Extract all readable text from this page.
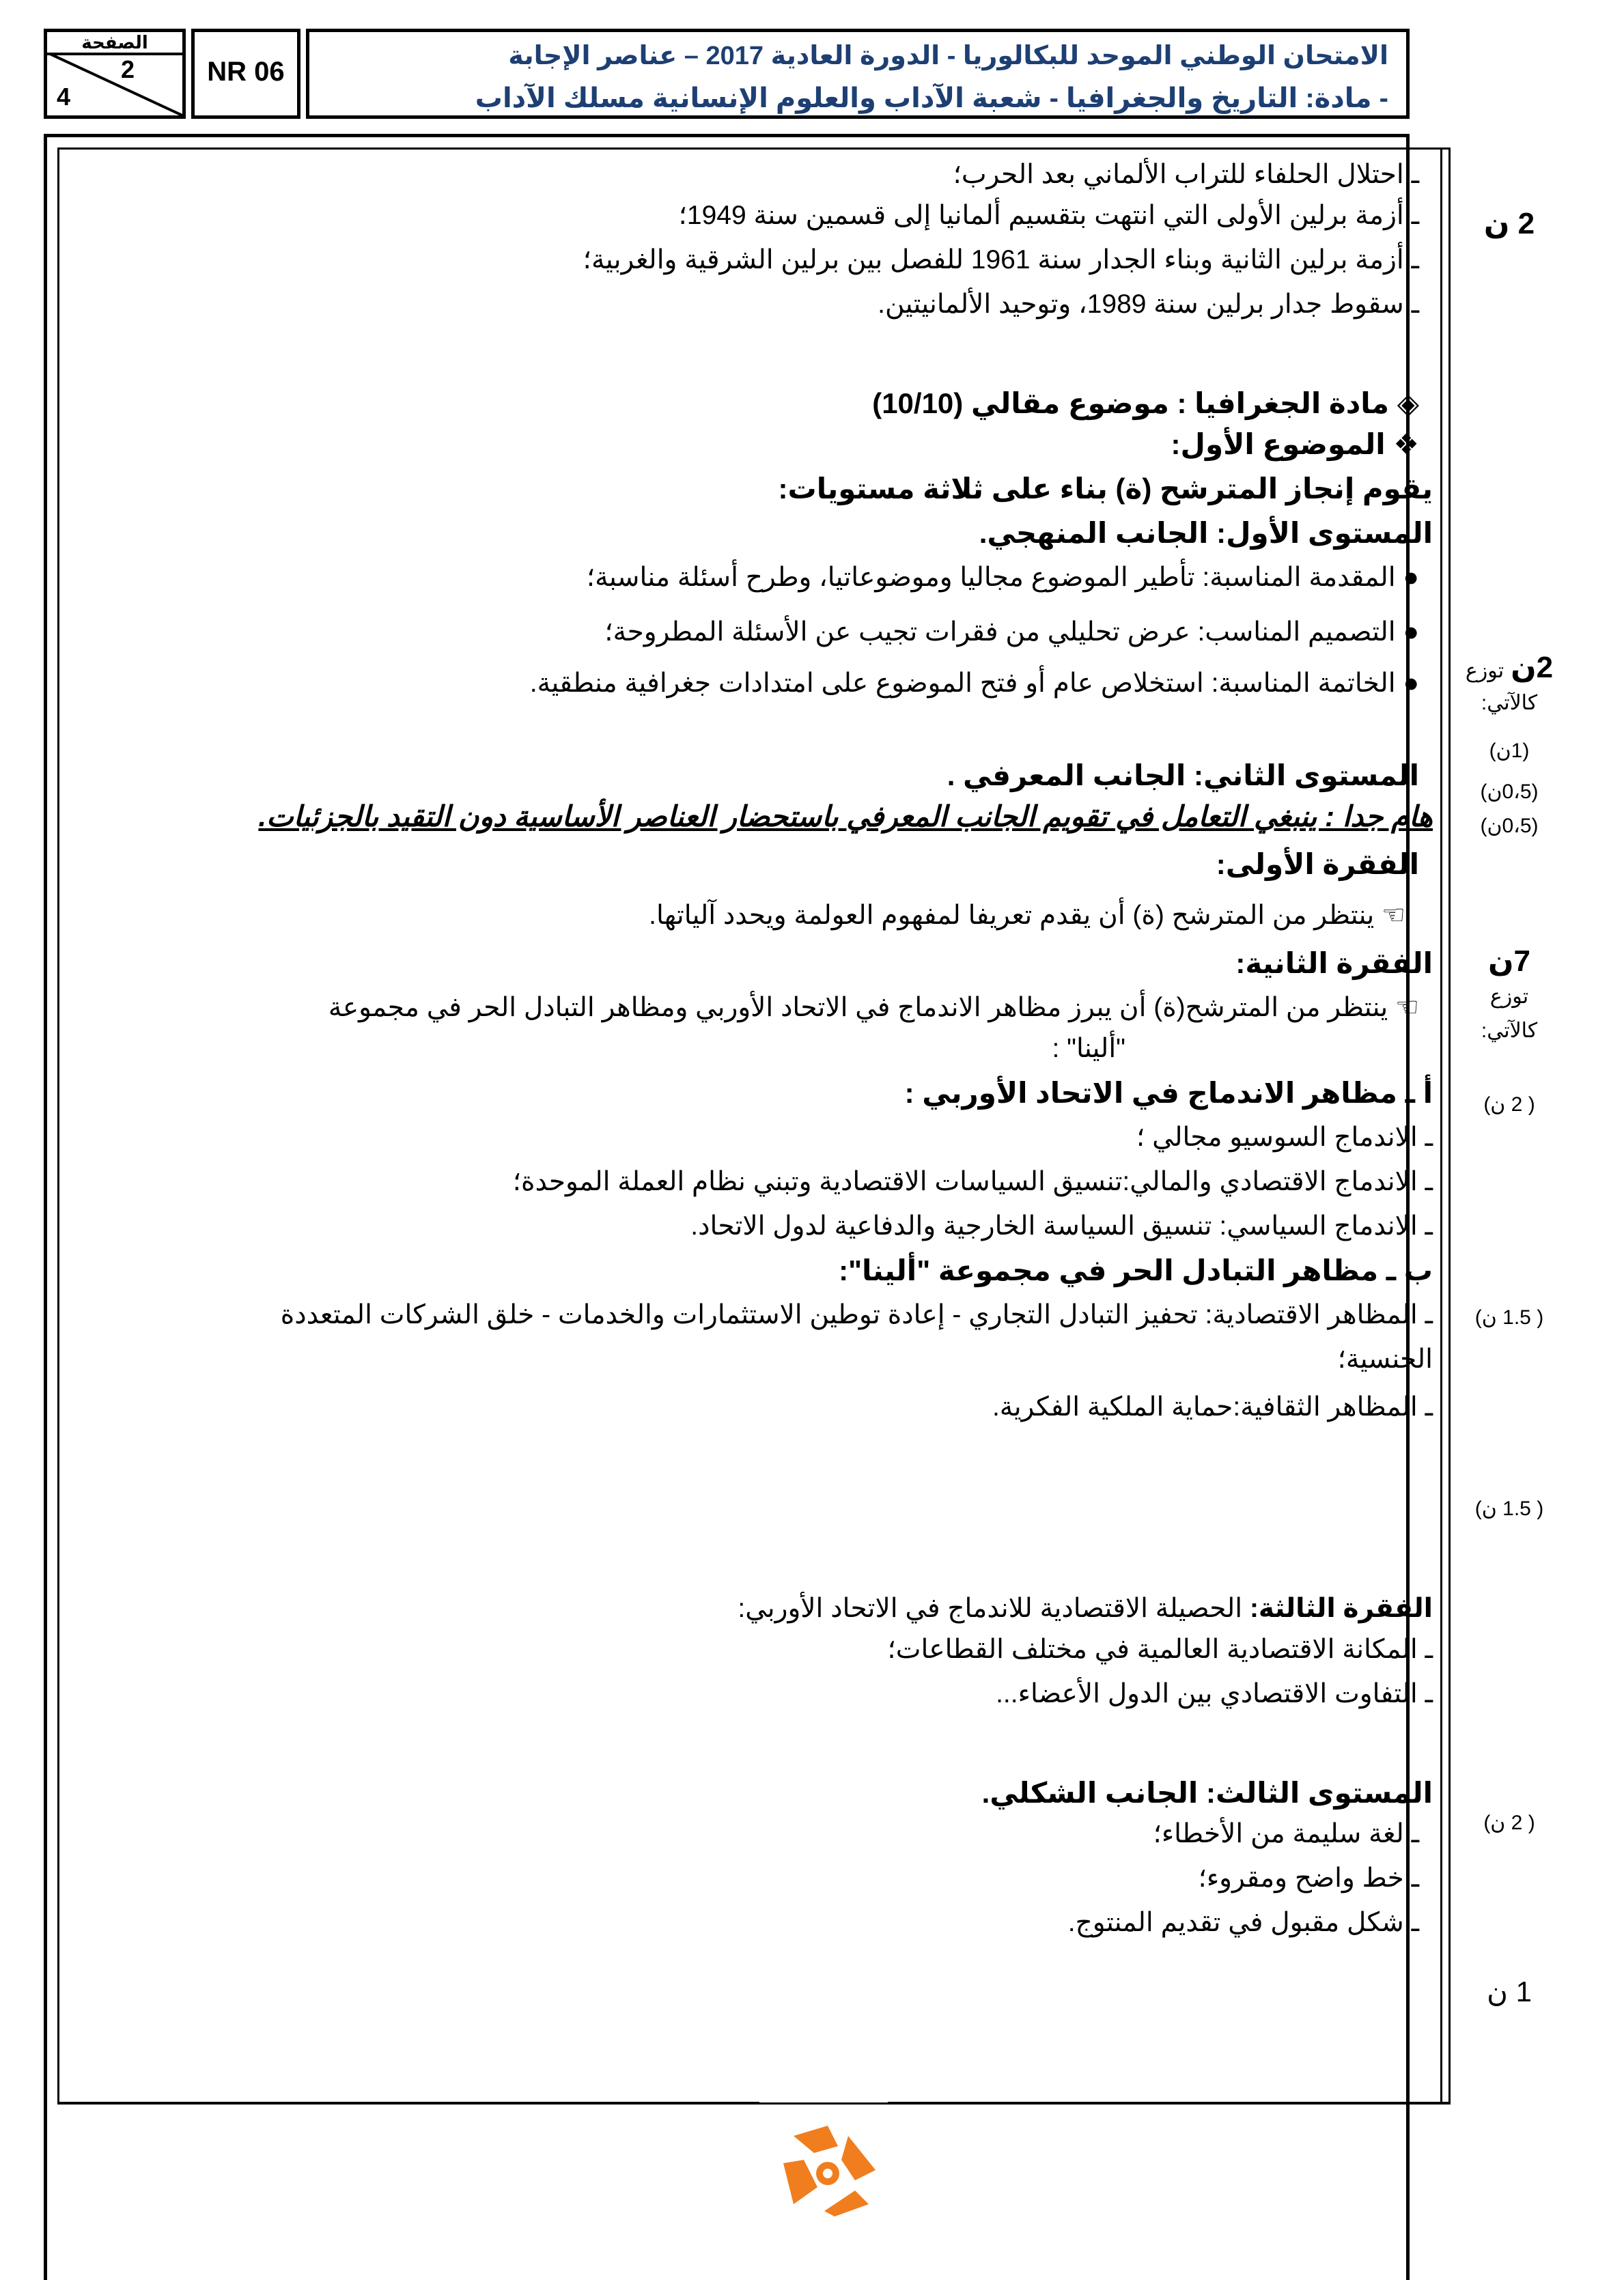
الصفحة
2
4
NR 06
الامتحان الوطني الموحد للبكالوريا - الدورة العادية 2017 – عناصر الإجابة
- مادة: التاريخ والجغرافيا - شعبة الآداب والعلوم الإنسانية مسلك الآداب
ـ احتلال الحلفاء للتراب الألماني بعد الحرب؛
ـ أزمة برلين الأولى التي انتهت بتقسيم ألمانيا إلى قسمين سنة 1949؛
ـ أزمة برلين الثانية وبناء الجدار سنة 1961 للفصل بين برلين الشرقية والغربية؛
ـ سقوط جدار برلين سنة 1989، وتوحيد الألمانيتين.
◈ مادة الجغرافيا : موضوع مقالي (10/10)
❖ الموضوع الأول:
يقوم إنجاز المترشح (ة) بناء على ثلاثة مستويات:
المستوى الأول: الجانب المنهجي.
● المقدمة المناسبة: تأطير الموضوع مجاليا وموضوعاتيا، وطرح أسئلة مناسبة؛
● التصميم المناسب: عرض تحليلي من فقرات تجيب عن الأسئلة المطروحة؛
● الخاتمة المناسبة: استخلاص عام أو فتح الموضوع على امتدادات جغرافية منطقية.
المستوى الثاني: الجانب المعرفي .
هام جدا : ينبغي التعامل في تقويم الجانب المعرفي باستحضار العناصر الأساسية دون التقيد بالجزئيات.
الفقرة الأولى:
☜ ينتظر من المترشح (ة) أن يقدم تعريفا لمفهوم العولمة ويحدد آلياتها.
الفقرة الثانية:
☜ ينتظر من المترشح(ة) أن يبرز مظاهر الاندماج في الاتحاد الأوربي ومظاهر التبادل الحر في مجموعة
"ألينا" :
أ ـ مظاهر الاندماج في الاتحاد الأوربي :
ـ الاندماج السوسيو مجالي ؛
ـ الاندماج الاقتصادي والمالي:تنسيق السياسات الاقتصادية وتبني نظام العملة الموحدة؛
ـ الاندماج السياسي: تنسيق السياسة الخارجية والدفاعية لدول الاتحاد.
ب ـ مظاهر التبادل الحر في مجموعة "ألينا":
ـ المظاهر الاقتصادية: تحفيز التبادل التجاري - إعادة توطين الاستثمارات والخدمات - خلق الشركات المتعددة
الجنسية؛
ـ المظاهر الثقافية:حماية الملكية الفكرية.
الفقرة الثالثة: الحصيلة الاقتصادية للاندماج في الاتحاد الأوربي:
ـ المكانة الاقتصادية العالمية في مختلف القطاعات؛
ـ التفاوت الاقتصادي بين الدول الأعضاء...
المستوى الثالث: الجانب الشكلي.
ـ لغة سليمة من الأخطاء؛
ـ خط واضح ومقروء؛
ـ شكل مقبول في تقديم المنتوج.
2 ن
2ن توزع
كالآتي:
(1ن)
(0،5ن)
(0،5ن)
7ن
توزع
كالآتي:
( 2 ن)
( 1.5 ن)
( 1.5 ن)
( 2 ن)
1 ن
